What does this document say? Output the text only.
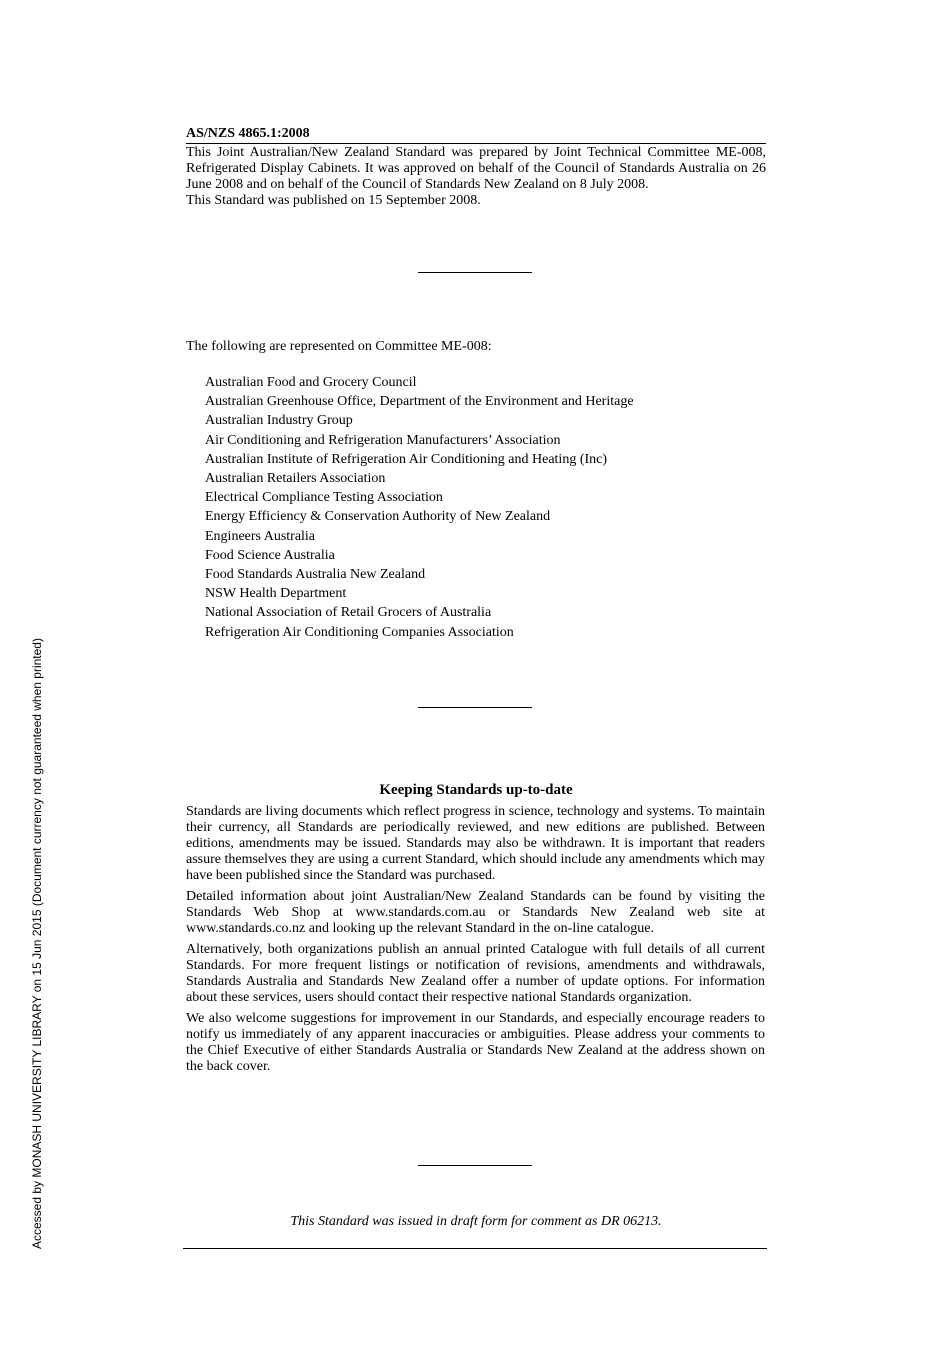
Accessed by MONASH UNIVERSITY LIBRARY on 15 Jun 2015 (Document currency not guaranteed when printed)
AS/NZS 4865.1:2008

This Joint Australian/New Zealand Standard was prepared by Joint Technical Committee ME-008, Refrigerated Display Cabinets. It was approved on behalf of the Council of Standards Australia on 26 June 2008 and on behalf of the Council of Standards New Zealand on 8 July 2008.

This Standard was published on 15 September 2008.

The following are represented on Committee ME-008:
Australian Food and Grocery Council
Australian Greenhouse Office, Department of the Environment and Heritage
Australian Industry Group
Air Conditioning and Refrigeration Manufacturers’ Association
Australian Institute of Refrigeration Air Conditioning and Heating (Inc)
Australian Retailers Association
Electrical Compliance Testing Association
Energy Efficiency & Conservation Authority of New Zealand
Engineers Australia
Food Science Australia
Food Standards Australia New Zealand
NSW Health Department
National Association of Retail Grocers of Australia
Refrigeration Air Conditioning Companies Association
Keeping Standards up-to-date

Standards are living documents which reflect progress in science, technology and systems. To maintain their currency, all Standards are periodically reviewed, and new editions are published. Between editions, amendments may be issued. Standards may also be withdrawn. It is important that readers assure themselves they are using a current Standard, which should include any amendments which may have been published since the Standard was purchased.

Detailed information about joint Australian/New Zealand Standards can be found by visiting the Standards Web Shop at www.standards.com.au or Standards New Zealand web site at www.standards.co.nz and looking up the relevant Standard in the on-line catalogue.

Alternatively, both organizations publish an annual printed Catalogue with full details of all current Standards. For more frequent listings or notification of revisions, amendments and withdrawals, Standards Australia and Standards New Zealand offer a number of update options. For information about these services, users should contact their respective national Standards organization.

We also welcome suggestions for improvement in our Standards, and especially encourage readers to notify us immediately of any apparent inaccuracies or ambiguities. Please address your comments to the Chief Executive of either Standards Australia or Standards New Zealand at the address shown on the back cover.

This Standard was issued in draft form for comment as DR 06213.
